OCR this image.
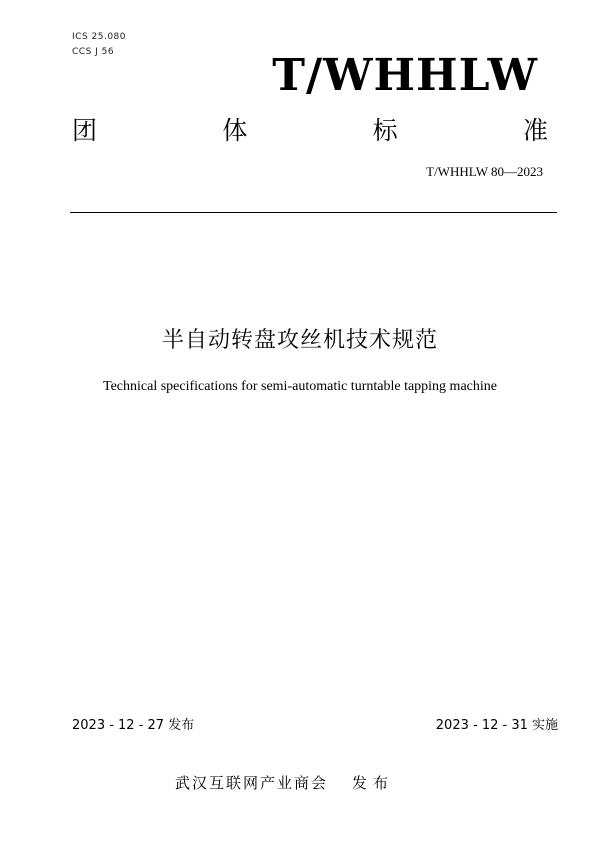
ICS 25.080
CCS J 56	T/WHHLW
团	体	标	准
T/WHHLW 80—2023
半自动转盘攻丝机技术规范
Technical specifications for semi-automatic turntable tapping machine
2023 - 12 - 27 发布	2023 - 12 - 31 实施
武汉互联网产业商会 发布
